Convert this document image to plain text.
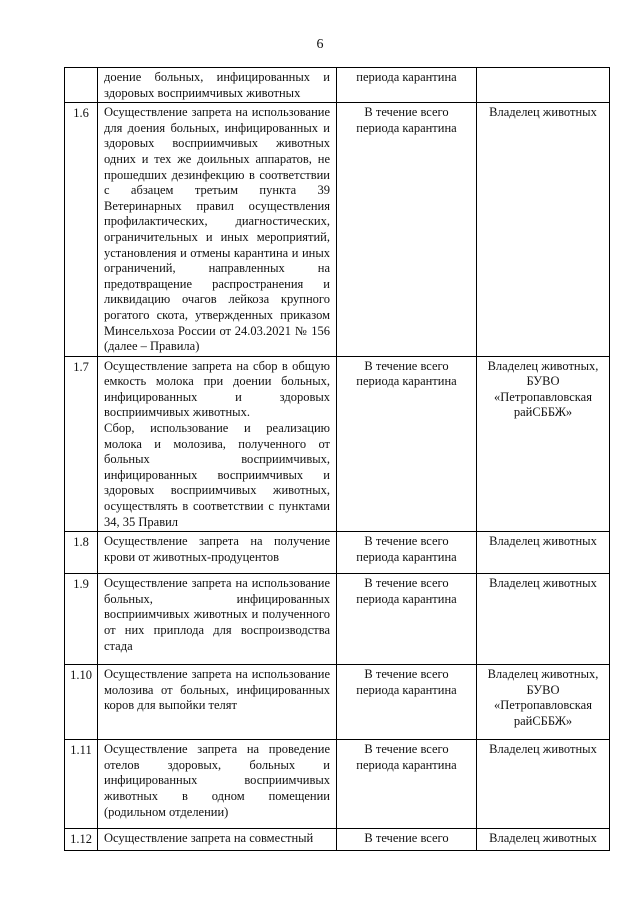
6

	доение больных, инфицированных и здоровых восприимчивых животных	периода карантина	
1.6	Осуществление запрета на использование для доения больных, инфицированных и здоровых восприимчивых животных одних и тех же доильных аппаратов, не прошедших дезинфекцию в соответствии с абзацем третьим пункта 39 Ветеринарных правил осуществления профилактических, диагностических, ограничительных и иных мероприятий, установления и отмены карантина и иных ограничений, направленных на предотвращение распространения и ликвидацию очагов лейкоза крупного рогатого скота, утвержденных приказом Минсельхоза России от 24.03.2021 № 156 (далее – Правила)	В течение всего периода карантина	Владелец животных
1.7	Осуществление запрета на сбор в общую емкость молока при доении больных, инфицированных и здоровых восприимчивых животных.
Сбор, использование и реализацию молока и молозива, полученного от больных восприимчивых, инфицированных восприимчивых и здоровых восприимчивых животных, осуществлять в соответствии с пунктами 34, 35 Правил	В течение всего периода карантина	Владелец животных, БУВО «Петропавловская райСББЖ»
1.8	Осуществление запрета на получение крови от животных-продуцентов	В течение всего периода карантина	Владелец животных
1.9	Осуществление запрета на использование больных, инфицированных восприимчивых животных и полученного от них приплода для воспроизводства стада	В течение всего периода карантина	Владелец животных
1.10	Осуществление запрета на использование молозива от больных, инфицированных коров для выпойки телят	В течение всего периода карантина	Владелец животных, БУВО «Петропавловская райСББЖ»
1.11	Осуществление запрета на проведение отелов здоровых, больных и инфицированных восприимчивых животных в одном помещении (родильном отделении)	В течение всего периода карантина	Владелец животных
1.12	Осуществление запрета на совместный	В течение всего	Владелец животных
